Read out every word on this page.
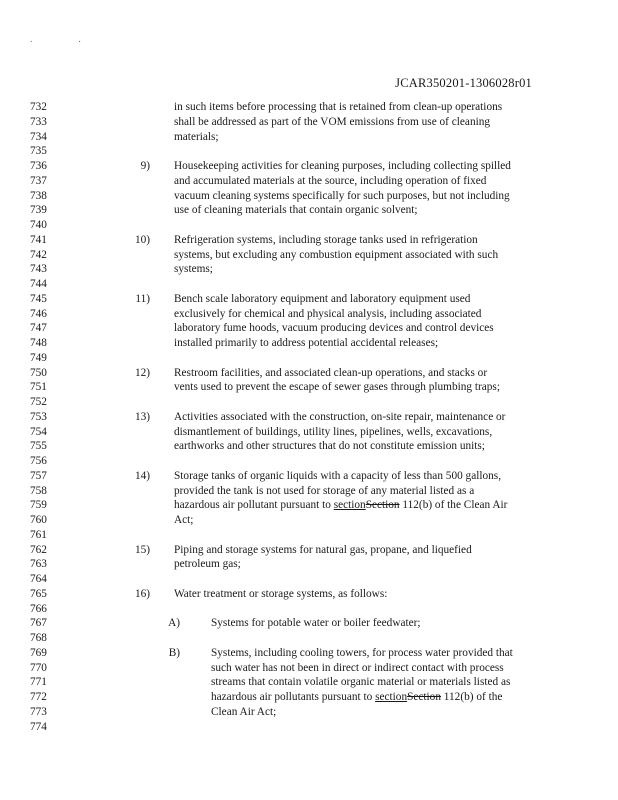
. .
JCAR350201-1306028r01
732	in such items before processing that is retained from clean-up operations
733	shall be addressed as part of the VOM emissions from use of cleaning
734	materials;
735
736	9) Housekeeping activities for cleaning purposes, including collecting spilled
737	and accumulated materials at the source, including operation of fixed
738	vacuum cleaning systems specifically for such purposes, but not including
739	use of cleaning materials that contain organic solvent;
740
741	10) Refrigeration systems, including storage tanks used in refrigeration
742	systems, but excluding any combustion equipment associated with such
743	systems;
744
745	11) Bench scale laboratory equipment and laboratory equipment used
746	exclusively for chemical and physical analysis, including associated
747	laboratory fume hoods, vacuum producing devices and control devices
748	installed primarily to address potential accidental releases;
749
750	12) Restroom facilities, and associated clean-up operations, and stacks or
751	vents used to prevent the escape of sewer gases through plumbing traps;
752
753	13) Activities associated with the construction, on-site repair, maintenance or
754	dismantlement of buildings, utility lines, pipelines, wells, excavations,
755	earthworks and other structures that do not constitute emission units;
756
757	14) Storage tanks of organic liquids with a capacity of less than 500 gallons,
758	provided the tank is not used for storage of any material listed as a
759	hazardous air pollutant pursuant to sectionSection 112(b) of the Clean Air
760	Act;
761
762	15) Piping and storage systems for natural gas, propane, and liquefied
763	petroleum gas;
764
765	16) Water treatment or storage systems, as follows:
766
767	A)	Systems for potable water or boiler feedwater;
768
769	B)	Systems, including cooling towers, for process water provided that
770	such water has not been in direct or indirect contact with process
771	streams that contain volatile organic material or materials listed as
772	hazardous air pollutants pursuant to sectionSection 112(b) of the
773	Clean Air Act;
774
